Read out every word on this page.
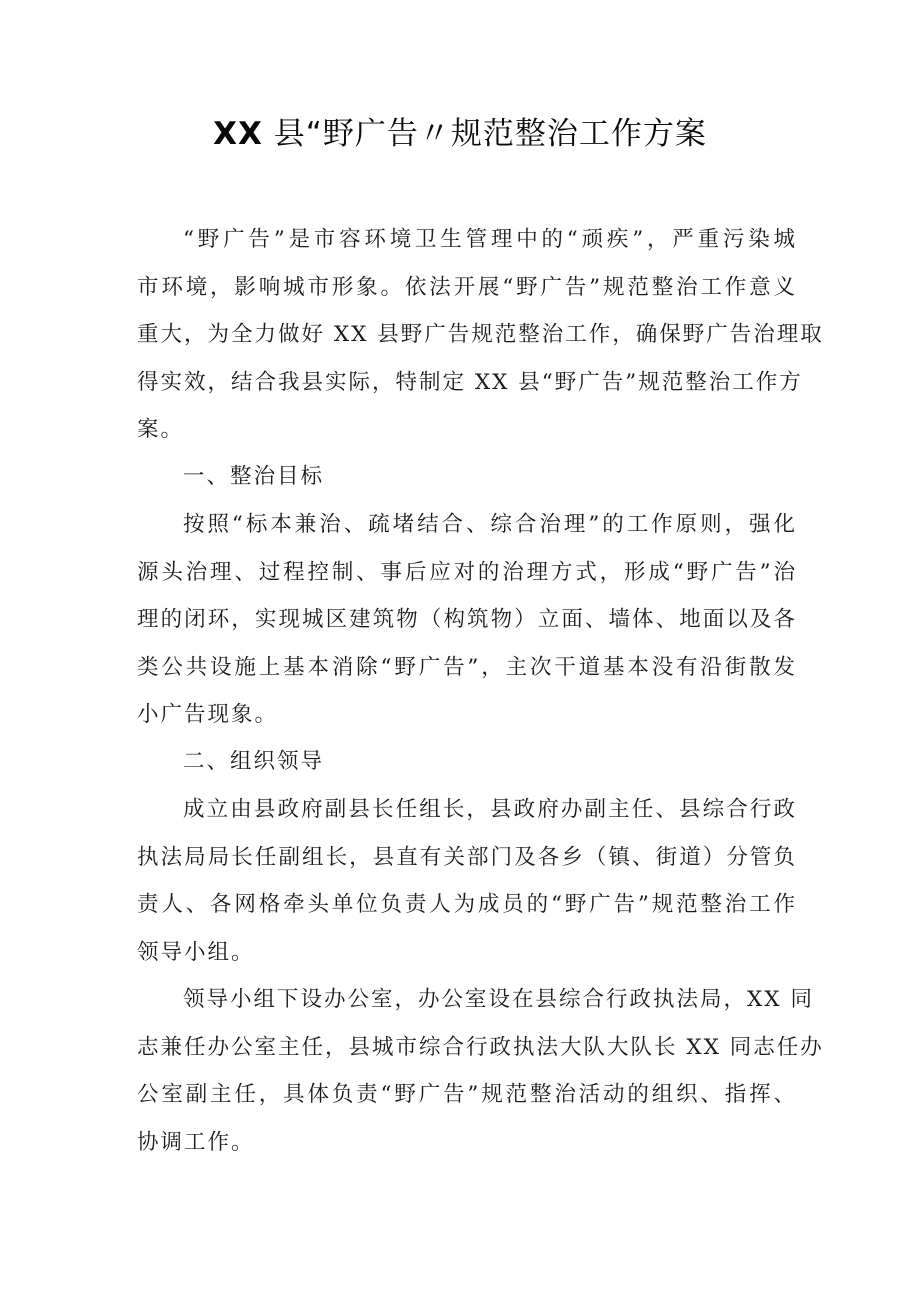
XX 县“野广告〃规范整治工作方案
“野广告”是市容环境卫生管理中的“顽疾”，严重污染城
市环境，影响城市形象。依法开展“野广告”规范整治工作意义
重大，为全力做好 XX 县野广告规范整治工作，确保野广告治理取
得实效，结合我县实际，特制定 XX 县“野广告”规范整治工作方
案。
一、整治目标
按照“标本兼治、疏堵结合、综合治理”的工作原则，强化
源头治理、过程控制、事后应对的治理方式，形成“野广告”治
理的闭环，实现城区建筑物（构筑物）立面、墙体、地面以及各
类公共设施上基本消除“野广告”，主次干道基本没有沿街散发
小广告现象。
二、组织领导
成立由县政府副县长任组长，县政府办副主任、县综合行政
执法局局长任副组长，县直有关部门及各乡（镇、街道）分管负
责人、各网格牵头单位负责人为成员的“野广告”规范整治工作
领导小组。
领导小组下设办公室，办公室设在县综合行政执法局，XX 同
志兼任办公室主任，县城市综合行政执法大队大队长 XX 同志任办
公室副主任，具体负责“野广告”规范整治活动的组织、指挥、
协调工作。
